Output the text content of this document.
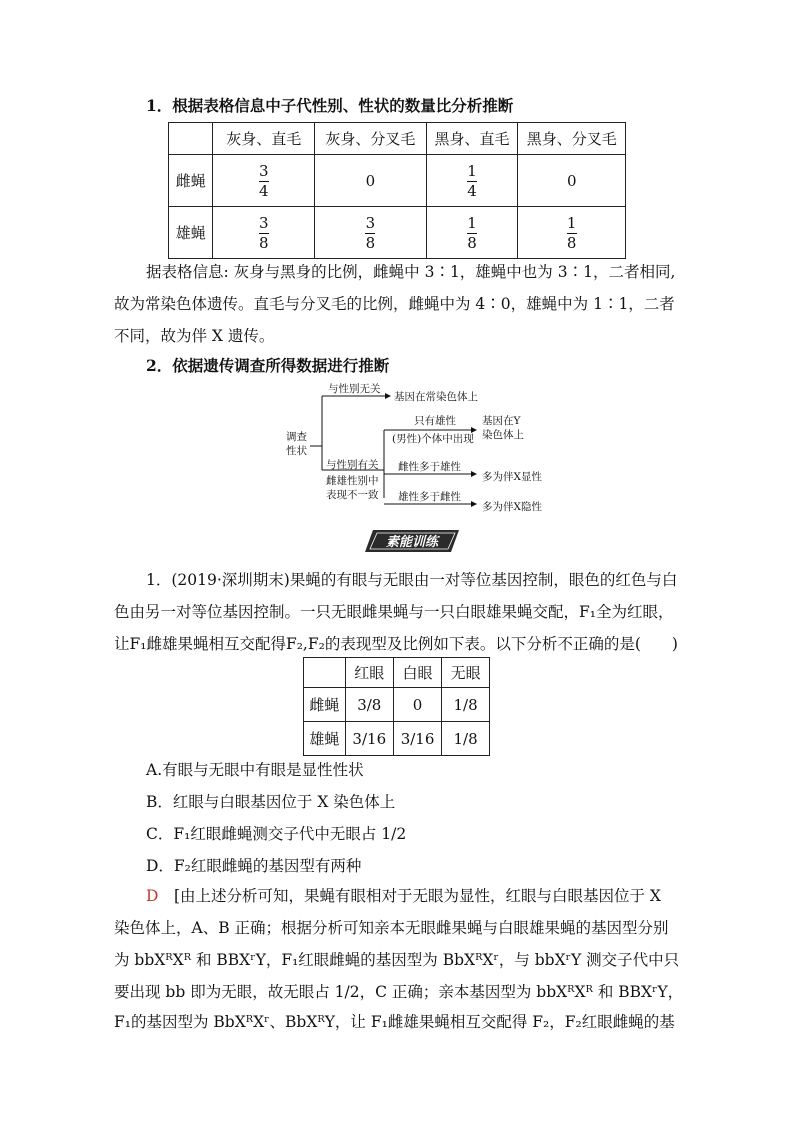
1．根据表格信息中子代性别、性状的数量比分析推断
	灰身、直毛	灰身、分叉毛	黑身、直毛	黑身、分叉毛
雌蝇	$\frac{3}{4}$	0	$\frac{1}{4}$	0
雄蝇	$\frac{3}{8}$	$\frac{3}{8}$	$\frac{1}{8}$	$\frac{1}{8}$
据表格信息: 灰身与黑身的比例，雌蝇中 3∶1，雄蝇中也为 3∶1，二者相同,
故为常染色体遗传。直毛与分叉毛的比例，雌蝇中为 4∶0，雄蝇中为 1∶1，二者
不同，故为伴 X 遗传。
2．依据遗传调查所得数据进行推断
调查
性状
与性别无关
基因在常染色体上
只有雄性
(男性)个体中出现
基因在Y
染色体上
与性别有关 雌性多于雄性
多为伴X显性
雌雄性别中
表现不一致 雄性多于雌性
多为伴X隐性
素能训练
1．(2019·深圳期末)果蝇的有眼与无眼由一对等位基因控制，眼色的红色与白
色由另一对等位基因控制。一只无眼雌果蝇与一只白眼雄果蝇交配，F₁全为红眼，
让F₁雌雄果蝇相互交配得F₂,F₂的表现型及比例如下表。以下分析不正确的是(　　)
	红眼	白眼	无眼
雌蝇	3/8	0	1/8
雄蝇	3/16	3/16	1/8
A.有眼与无眼中有眼是显性性状
B．红眼与白眼基因位于 X 染色体上
C．F₁红眼雌蝇测交子代中无眼占 1/2
D．F₂红眼雌蝇的基因型有两种
D　[由上述分析可知，果蝇有眼相对于无眼为显性，红眼与白眼基因位于 X
染色体上，A、B 正确；根据分析可知亲本无眼雌果蝇与白眼雄果蝇的基因型分别
为 bbXᴿXᴿ 和 BBXʳY，F₁红眼雌蝇的基因型为 BbXᴿXʳ，与 bbXʳY 测交子代中只
要出现 bb 即为无眼，故无眼占 1/2，C 正确；亲本基因型为 bbXᴿXᴿ 和 BBXʳY，
F₁的基因型为 BbXᴿXʳ、BbXᴿY，让 F₁雌雄果蝇相互交配得 F₂，F₂红眼雌蝇的基
